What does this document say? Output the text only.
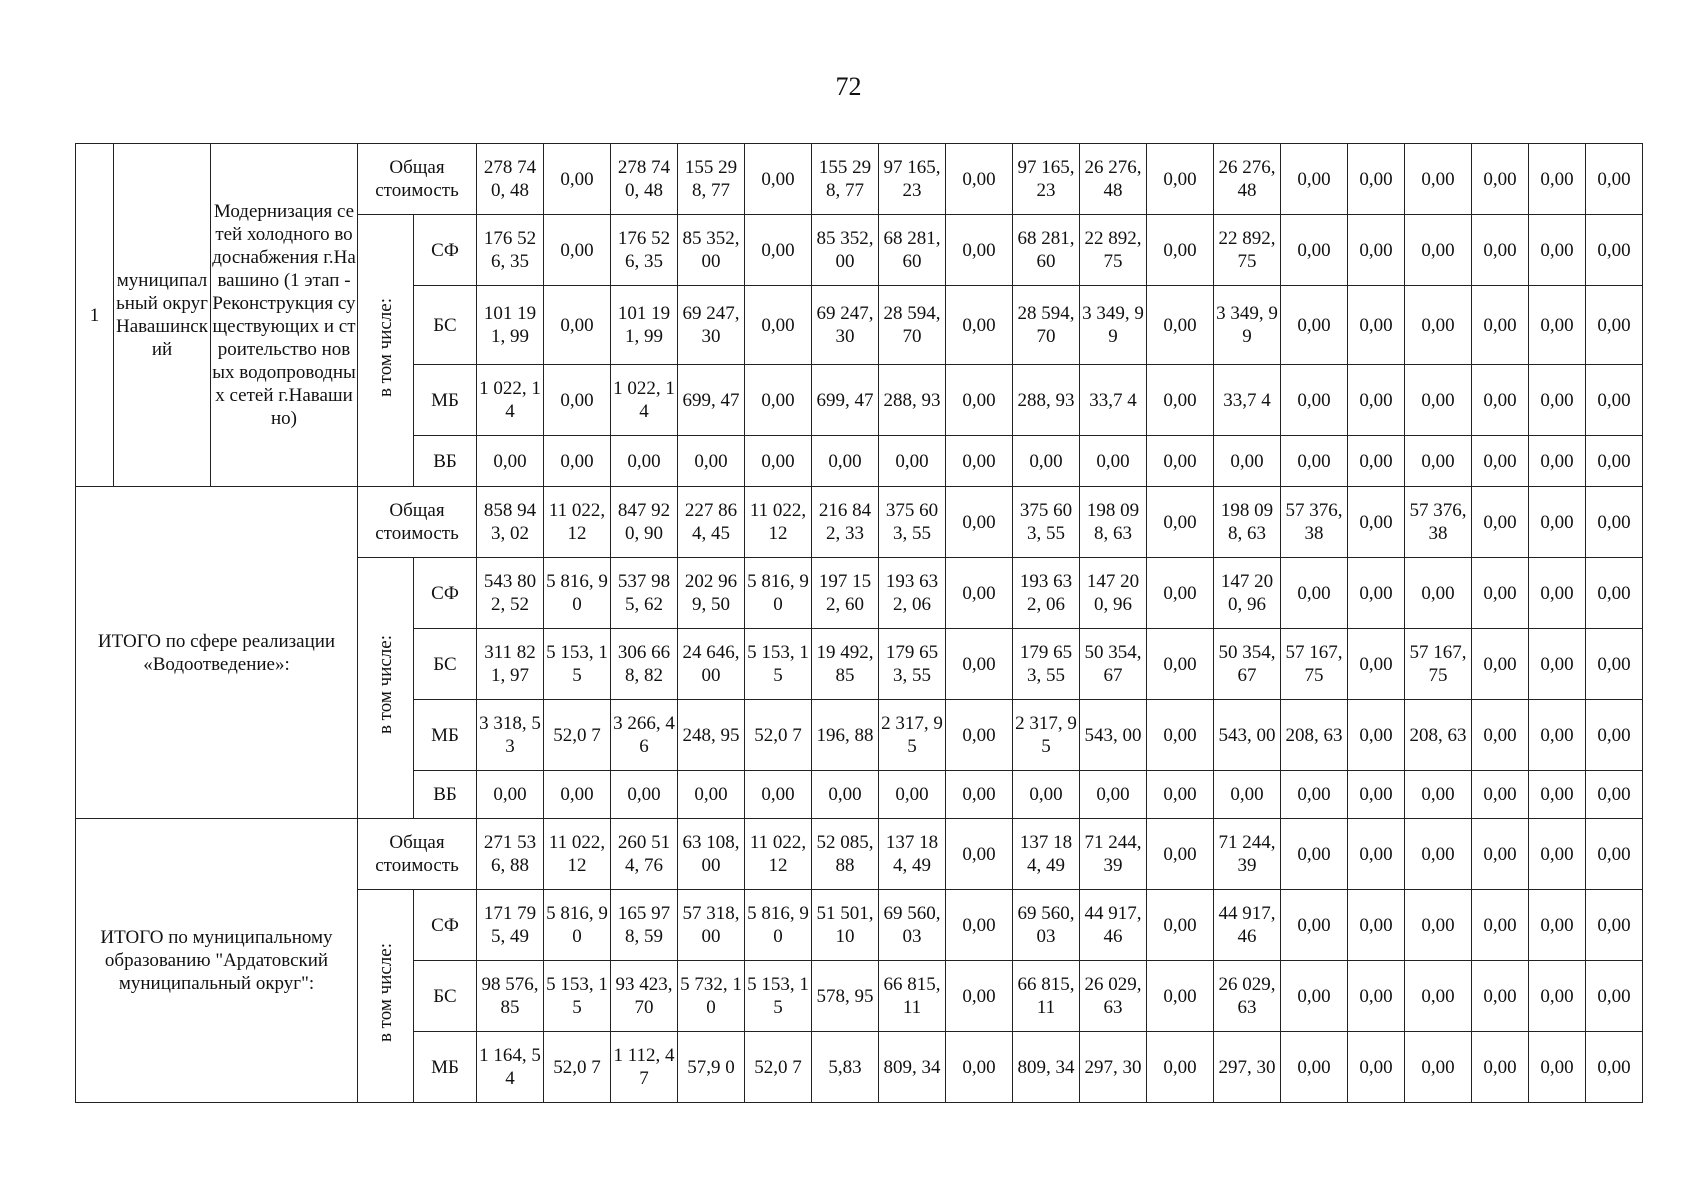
72
1	муниципальный округ Навашинский	Модернизация сетей холодного водоснабжения г.Навашино (1 этап - Реконструкция существующих и строительство новых водопроводных сетей г.Навашино)	Общая стоимость		278 740, 48	0,00	278 740, 48	155 298, 77	0,00	155 298, 77	97 165, 23	0,00	97 165, 23	26 276, 48	0,00	26 276, 48	0,00	0,00	0,00	0,00	0,00	0,00
			в том числе:	СФ	176 526, 35	0,00	176 526, 35	85 352, 00	0,00	85 352, 00	68 281, 60	0,00	68 281, 60	22 892, 75	0,00	22 892, 75	0,00	0,00	0,00	0,00	0,00	0,00
				БС	101 191, 99	0,00	101 191, 99	69 247, 30	0,00	69 247, 30	28 594, 70	0,00	28 594, 70	3 349, 99	0,00	3 349, 99	0,00	0,00	0,00	0,00	0,00	0,00
				МБ	1 022, 14	0,00	1 022, 14	699, 47	0,00	699, 47	288, 93	0,00	288, 93	33,7 4	0,00	33,7 4	0,00	0,00	0,00	0,00	0,00	0,00
				ВБ	0,00	0,00	0,00	0,00	0,00	0,00	0,00	0,00	0,00	0,00	0,00	0,00	0,00	0,00	0,00	0,00	0,00	0,00
ИТОГО по сфере реализации «Водоотведение»:			Общая стоимость		858 943, 02	11 022, 12	847 920, 90	227 864, 45	11 022, 12	216 842, 33	375 603, 55	0,00	375 603, 55	198 098, 63	0,00	198 098, 63	57 376, 38	0,00	57 376, 38	0,00	0,00	0,00
			в том числе:	СФ	543 802, 52	5 816, 90	537 985, 62	202 969, 50	5 816, 90	197 152, 60	193 632, 06	0,00	193 632, 06	147 200, 96	0,00	147 200, 96	0,00	0,00	0,00	0,00	0,00	0,00
				БС	311 821, 97	5 153, 15	306 668, 82	24 646, 00	5 153, 15	19 492, 85	179 653, 55	0,00	179 653, 55	50 354, 67	0,00	50 354, 67	57 167, 75	0,00	57 167, 75	0,00	0,00	0,00
				МБ	3 318, 53	52,0 7	3 266, 46	248, 95	52,0 7	196, 88	2 317, 95	0,00	2 317, 95	543, 00	0,00	543, 00	208, 63	0,00	208, 63	0,00	0,00	0,00
				ВБ	0,00	0,00	0,00	0,00	0,00	0,00	0,00	0,00	0,00	0,00	0,00	0,00	0,00	0,00	0,00	0,00	0,00	0,00
ИТОГО по муниципальному образованию "Ардатовский муниципальный округ":			Общая стоимость		271 536, 88	11 022, 12	260 514, 76	63 108, 00	11 022, 12	52 085, 88	137 184, 49	0,00	137 184, 49	71 244, 39	0,00	71 244, 39	0,00	0,00	0,00	0,00	0,00	0,00
			в том числе:	СФ	171 795, 49	5 816, 90	165 978, 59	57 318, 00	5 816, 90	51 501, 10	69 560, 03	0,00	69 560, 03	44 917, 46	0,00	44 917, 46	0,00	0,00	0,00	0,00	0,00	0,00
				БС	98 576, 85	5 153, 15	93 423, 70	5 732, 10	5 153, 15	578, 95	66 815, 11	0,00	66 815, 11	26 029, 63	0,00	26 029, 63	0,00	0,00	0,00	0,00	0,00	0,00
				МБ	1 164, 54	52,0 7	1 112, 47	57,9 0	52,0 7	5,83	809, 34	0,00	809, 34	297, 30	0,00	297, 30	0,00	0,00	0,00	0,00	0,00	0,00
